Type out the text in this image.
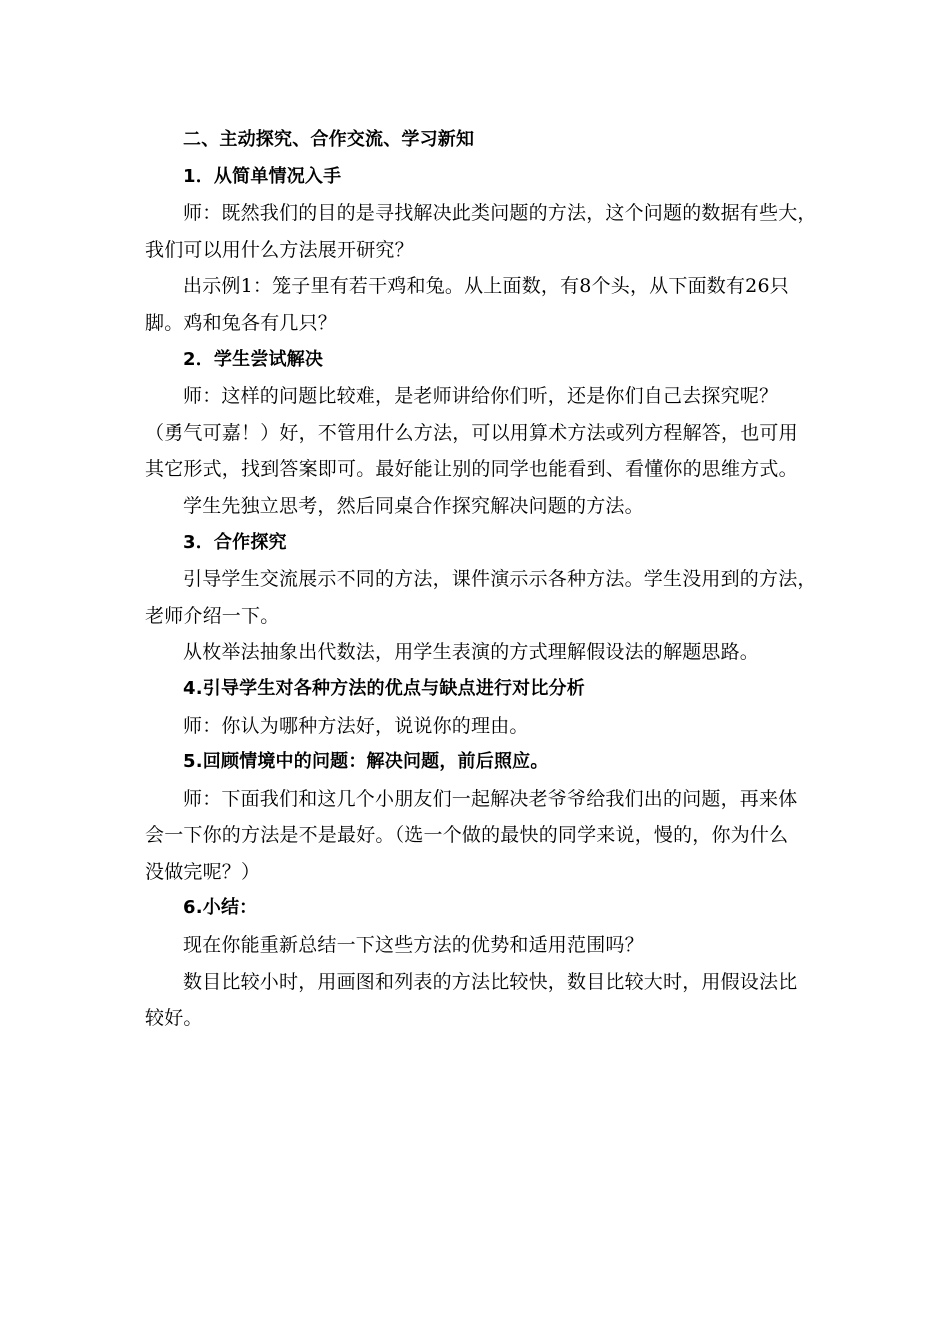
二、主动探究、合作交流、学习新知
1．从简单情况入手
师：既然我们的目的是寻找解决此类问题的方法，这个问题的数据有些大，
我们可以用什么方法展开研究？
出示例1：笼子里有若干鸡和兔。从上面数，有8个头，从下面数有26只
脚。鸡和兔各有几只？
2．学生尝试解决
师：这样的问题比较难，是老师讲给你们听，还是你们自己去探究呢？
（勇气可嘉！）好，不管用什么方法，可以用算术方法或列方程解答，也可用
其它形式，找到答案即可。最好能让别的同学也能看到、看懂你的思维方式。
学生先独立思考，然后同桌合作探究解决问题的方法。
3．合作探究
引导学生交流展示不同的方法，课件演示示各种方法。学生没用到的方法，
老师介绍一下。
从枚举法抽象出代数法，用学生表演的方式理解假设法的解题思路。
4.引导学生对各种方法的优点与缺点进行对比分析
师：你认为哪种方法好，说说你的理由。
5.回顾情境中的问题：解决问题，前后照应。
师：下面我们和这几个小朋友们一起解决老爷爷给我们出的问题，再来体
会一下你的方法是不是最好。（选一个做的最快的同学来说，慢的，你为什么
没做完呢？）
6.小结：
现在你能重新总结一下这些方法的优势和适用范围吗？
数目比较小时，用画图和列表的方法比较快，数目比较大时，用假设法比
较好。
